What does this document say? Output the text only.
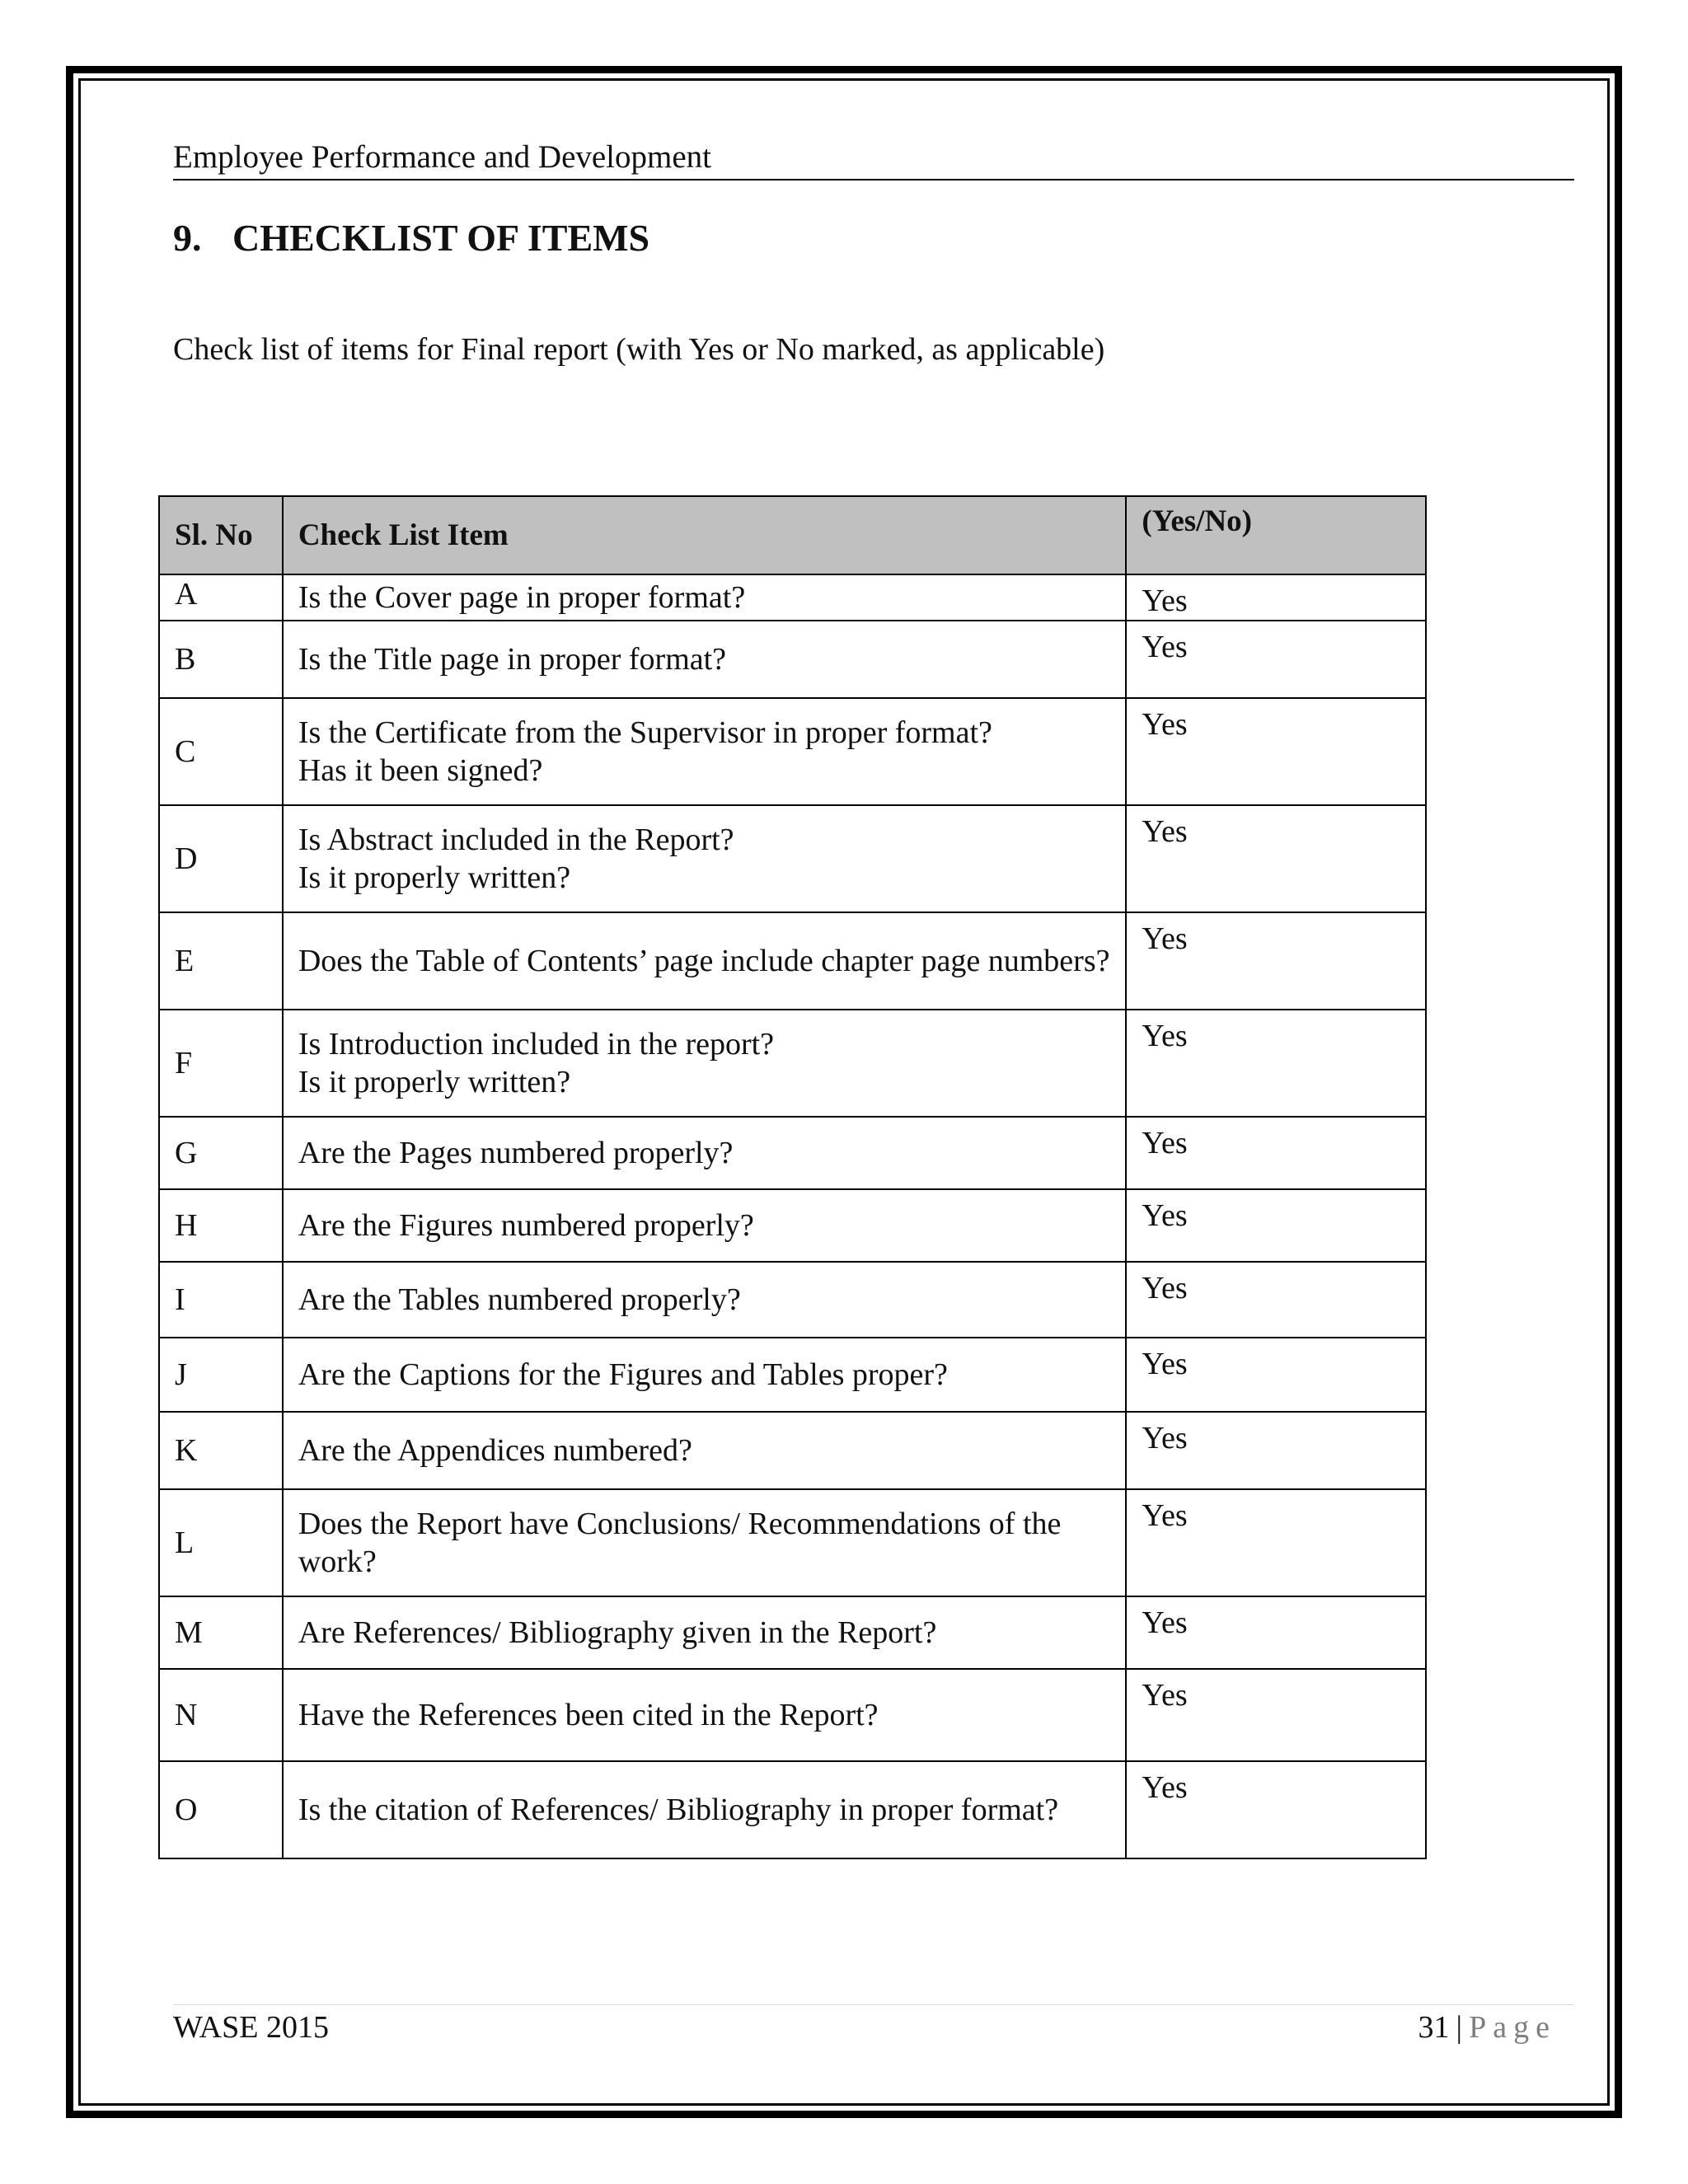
Employee Performance and Development
9. CHECKLIST OF ITEMS

Check list of items for Final report (with Yes or No marked, as applicable)

Sl. No	Check List Item	(Yes/No)
A	Is the Cover page in proper format?	Yes
B	Is the Title page in proper format?	Yes
C	Is the Certificate from the Supervisor in proper format?
Has it been signed?	Yes
D	Is Abstract included in the Report?
Is it properly written?	Yes
E	Does the Table of Contents’ page include chapter page numbers?	Yes
F	Is Introduction included in the report?
Is it properly written?	Yes
G	Are the Pages numbered properly?	Yes
H	Are the Figures numbered properly?	Yes
I	Are the Tables numbered properly?	Yes
J	Are the Captions for the Figures and Tables proper?	Yes
K	Are the Appendices numbered?	Yes
L	Does the Report have Conclusions/ Recommendations of the work?	Yes
M	Are References/ Bibliography given in the Report?	Yes
N	Have the References been cited in the Report?	Yes
O	Is the citation of References/ Bibliography in proper format?	Yes
WASE 2015	31 | Page
